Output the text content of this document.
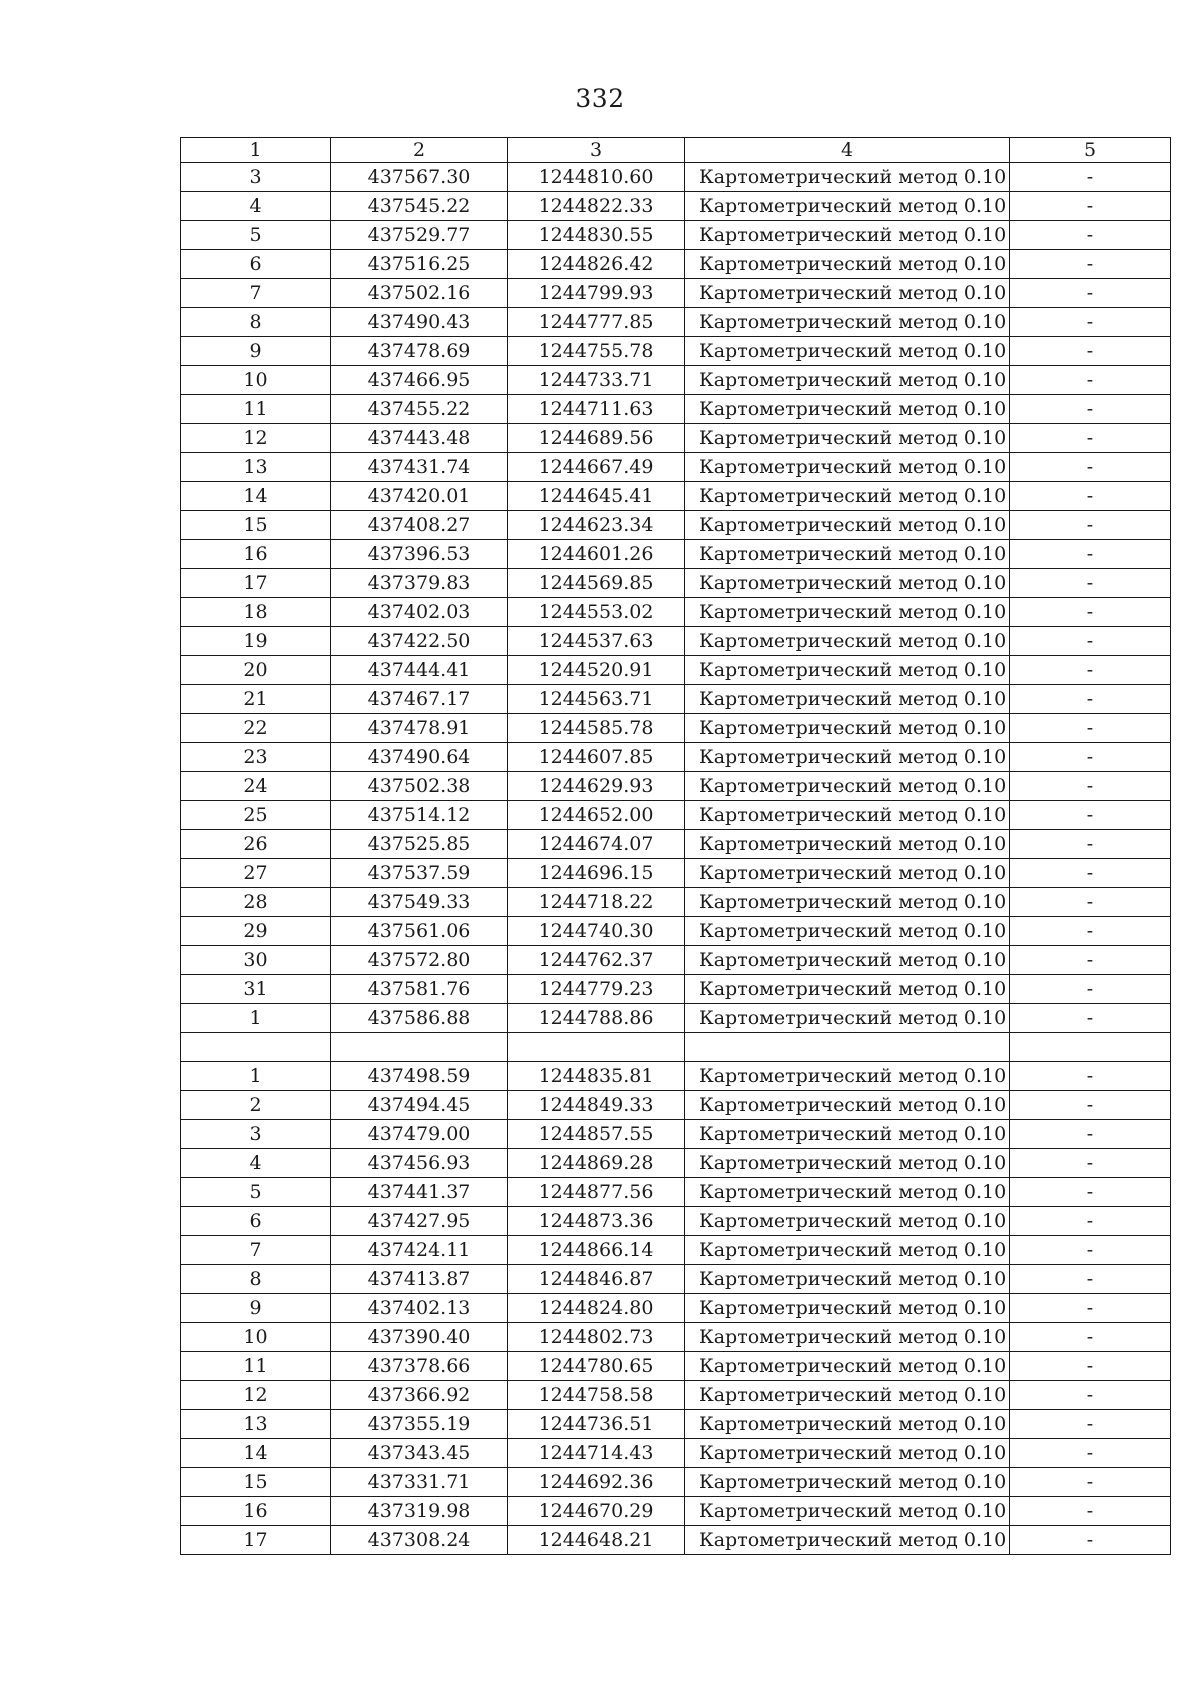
332
1	2	3	4	5
3	437567.30	1244810.60	Картометрический метод 0.10	-
4	437545.22	1244822.33	Картометрический метод 0.10	-
5	437529.77	1244830.55	Картометрический метод 0.10	-
6	437516.25	1244826.42	Картометрический метод 0.10	-
7	437502.16	1244799.93	Картометрический метод 0.10	-
8	437490.43	1244777.85	Картометрический метод 0.10	-
9	437478.69	1244755.78	Картометрический метод 0.10	-
10	437466.95	1244733.71	Картометрический метод 0.10	-
11	437455.22	1244711.63	Картометрический метод 0.10	-
12	437443.48	1244689.56	Картометрический метод 0.10	-
13	437431.74	1244667.49	Картометрический метод 0.10	-
14	437420.01	1244645.41	Картометрический метод 0.10	-
15	437408.27	1244623.34	Картометрический метод 0.10	-
16	437396.53	1244601.26	Картометрический метод 0.10	-
17	437379.83	1244569.85	Картометрический метод 0.10	-
18	437402.03	1244553.02	Картометрический метод 0.10	-
19	437422.50	1244537.63	Картометрический метод 0.10	-
20	437444.41	1244520.91	Картометрический метод 0.10	-
21	437467.17	1244563.71	Картометрический метод 0.10	-
22	437478.91	1244585.78	Картометрический метод 0.10	-
23	437490.64	1244607.85	Картометрический метод 0.10	-
24	437502.38	1244629.93	Картометрический метод 0.10	-
25	437514.12	1244652.00	Картометрический метод 0.10	-
26	437525.85	1244674.07	Картометрический метод 0.10	-
27	437537.59	1244696.15	Картометрический метод 0.10	-
28	437549.33	1244718.22	Картометрический метод 0.10	-
29	437561.06	1244740.30	Картометрический метод 0.10	-
30	437572.80	1244762.37	Картометрический метод 0.10	-
31	437581.76	1244779.23	Картометрический метод 0.10	-
1	437586.88	1244788.86	Картометрический метод 0.10	-

1	437498.59	1244835.81	Картометрический метод 0.10	-
2	437494.45	1244849.33	Картометрический метод 0.10	-
3	437479.00	1244857.55	Картометрический метод 0.10	-
4	437456.93	1244869.28	Картометрический метод 0.10	-
5	437441.37	1244877.56	Картометрический метод 0.10	-
6	437427.95	1244873.36	Картометрический метод 0.10	-
7	437424.11	1244866.14	Картометрический метод 0.10	-
8	437413.87	1244846.87	Картометрический метод 0.10	-
9	437402.13	1244824.80	Картометрический метод 0.10	-
10	437390.40	1244802.73	Картометрический метод 0.10	-
11	437378.66	1244780.65	Картометрический метод 0.10	-
12	437366.92	1244758.58	Картометрический метод 0.10	-
13	437355.19	1244736.51	Картометрический метод 0.10	-
14	437343.45	1244714.43	Картометрический метод 0.10	-
15	437331.71	1244692.36	Картометрический метод 0.10	-
16	437319.98	1244670.29	Картометрический метод 0.10	-
17	437308.24	1244648.21	Картометрический метод 0.10	-
